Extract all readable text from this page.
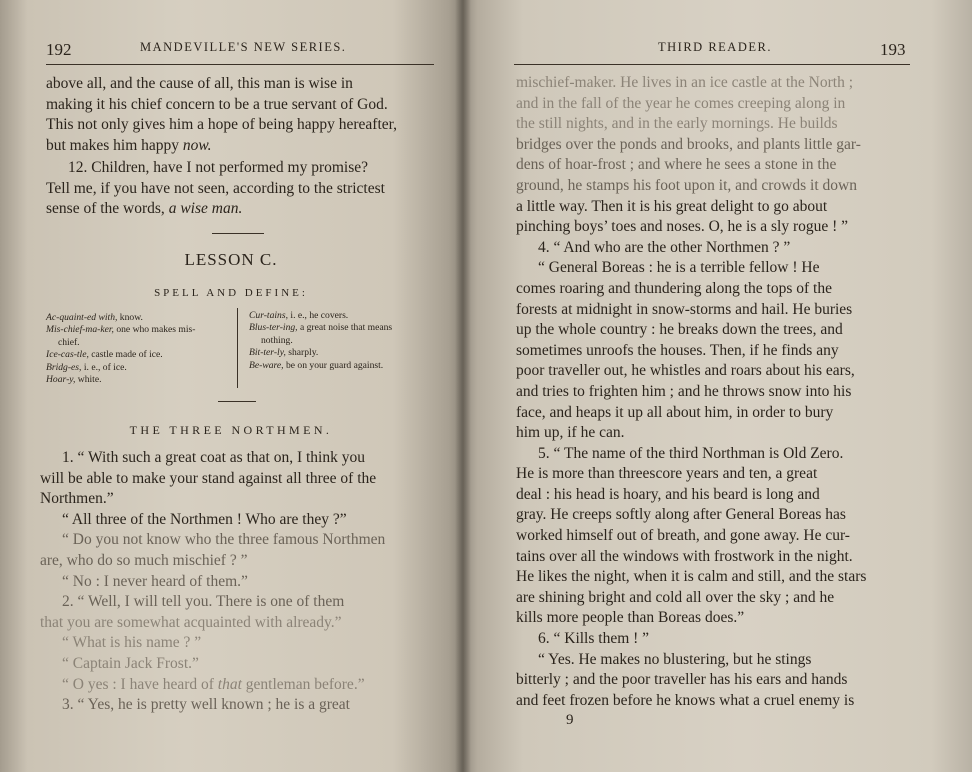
192	MANDEVILLE'S NEW SERIES.

above all, and the cause of all, this man is wise in

making it his chief concern to be a true servant of God.

This not only gives him a hope of being happy hereafter,

but makes him happy now.

12. Children, have I not performed my promise?

Tell me, if you have not seen, according to the strictest

sense of the words, a wise man.

LESSON C.
SPELL AND DEFINE:
Ac-quaint-ed with, know.
Mis-chief-ma-ker, one who makes mis-
chief.
Ice-cas-tle, castle made of ice.
Bridg-es, i. e., of ice.
Hoar-y, white.
Cur-tains, i. e., he covers.
Blus-ter-ing, a great noise that means
nothing.
Bit-ter-ly, sharply.
Be-ware, be on your guard against.
THE THREE NORTHMEN.

1. “ With such a great coat as that on, I think you

will be able to make your stand against all three of the

Northmen.”

“ All three of the Northmen ! Who are they ?”

“ Do you not know who the three famous Northmen

are, who do so much mischief ? ”

“ No : I never heard of them.”

2. “ Well, I will tell you. There is one of them

that you are somewhat acquainted with already.”

“ What is his name ? ”

“ Captain Jack Frost.”

“ O yes : I have heard of that gentleman before.”

3. “ Yes, he is pretty well known ; he is a great

THIRD READER.	193

mischief-maker. He lives in an ice castle at the North ;

and in the fall of the year he comes creeping along in

the still nights, and in the early mornings. He builds

bridges over the ponds and brooks, and plants little gar-

dens of hoar-frost ; and where he sees a stone in the

ground, he stamps his foot upon it, and crowds it down

a little way. Then it is his great delight to go about

pinching boys’ toes and noses. O, he is a sly rogue ! ”

4. “ And who are the other Northmen ? ”

“ General Boreas : he is a terrible fellow ! He

comes roaring and thundering along the tops of the

forests at midnight in snow-storms and hail. He buries

up the whole country : he breaks down the trees, and

sometimes unroofs the houses. Then, if he finds any

poor traveller out, he whistles and roars about his ears,

and tries to frighten him ; and he throws snow into his

face, and heaps it up all about him, in order to bury

him up, if he can.

5. “ The name of the third Northman is Old Zero.

He is more than threescore years and ten, a great

deal : his head is hoary, and his beard is long and

gray. He creeps softly along after General Boreas has

worked himself out of breath, and gone away. He cur-

tains over all the windows with frostwork in the night.

He likes the night, when it is calm and still, and the stars

are shining bright and cold all over the sky ; and he

kills more people than Boreas does.”

6. “ Kills them ! ”

“ Yes. He makes no blustering, but he stings

bitterly ; and the poor traveller has his ears and hands

and feet frozen before he knows what a cruel enemy is

9
